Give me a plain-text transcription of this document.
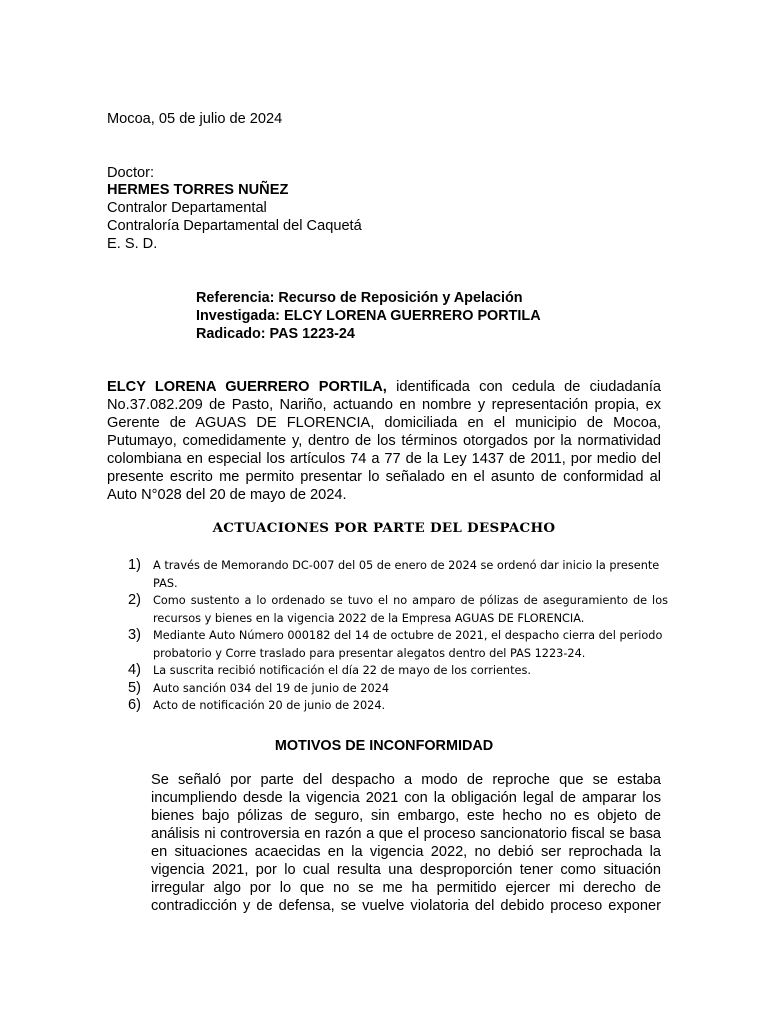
Mocoa, 05 de julio de 2024
Doctor:
HERMES TORRES NUÑEZ
Contralor Departamental
Contraloría Departamental del Caquetá
E. S. D.
Referencia: Recurso de Reposición y Apelación
Investigada: ELCY LORENA GUERRERO PORTILA
Radicado: PAS 1223-24
ELCY LORENA GUERRERO PORTILA, identificada con cedula de ciudadanía
No.37.082.209 de Pasto, Nariño, actuando en nombre y representación propia, ex
Gerente de AGUAS DE FLORENCIA, domiciliada en el municipio de Mocoa,
Putumayo, comedidamente y, dentro de los términos otorgados por la normatividad
colombiana en especial los artículos 74 a 77 de la Ley 1437 de 2011, por medio del
presente escrito me permito presentar lo señalado en el asunto de conformidad al
Auto N°028 del 20 de mayo de 2024.
ACTUACIONES POR PARTE DEL DESPACHO
1) A través de Memorando DC-007 del 05 de enero de 2024 se ordenó dar inicio la presente
PAS.
2) Como sustento a lo ordenado se tuvo el no amparo de pólizas de aseguramiento de los
recursos y bienes en la vigencia 2022 de la Empresa AGUAS DE FLORENCIA.
3) Mediante Auto Número 000182 del 14 de octubre de 2021, el despacho cierra del periodo
probatorio y Corre traslado para presentar alegatos dentro del PAS 1223-24.
4) La suscrita recibió notificación el día 22 de mayo de los corrientes.
5) Auto sanción 034 del 19 de junio de 2024
6) Acto de notificación 20 de junio de 2024.
MOTIVOS DE INCONFORMIDAD
Se señaló por parte del despacho a modo de reproche que se estaba
incumpliendo desde la vigencia 2021 con la obligación legal de amparar los
bienes bajo pólizas de seguro, sin embargo, este hecho no es objeto de
análisis ni controversia en razón a que el proceso sancionatorio fiscal se basa
en situaciones acaecidas en la vigencia 2022, no debió ser reprochada la
vigencia 2021, por lo cual resulta una desproporción tener como situación
irregular algo por lo que no se me ha permitido ejercer mi derecho de
contradicción y de defensa, se vuelve violatoria del debido proceso exponer
